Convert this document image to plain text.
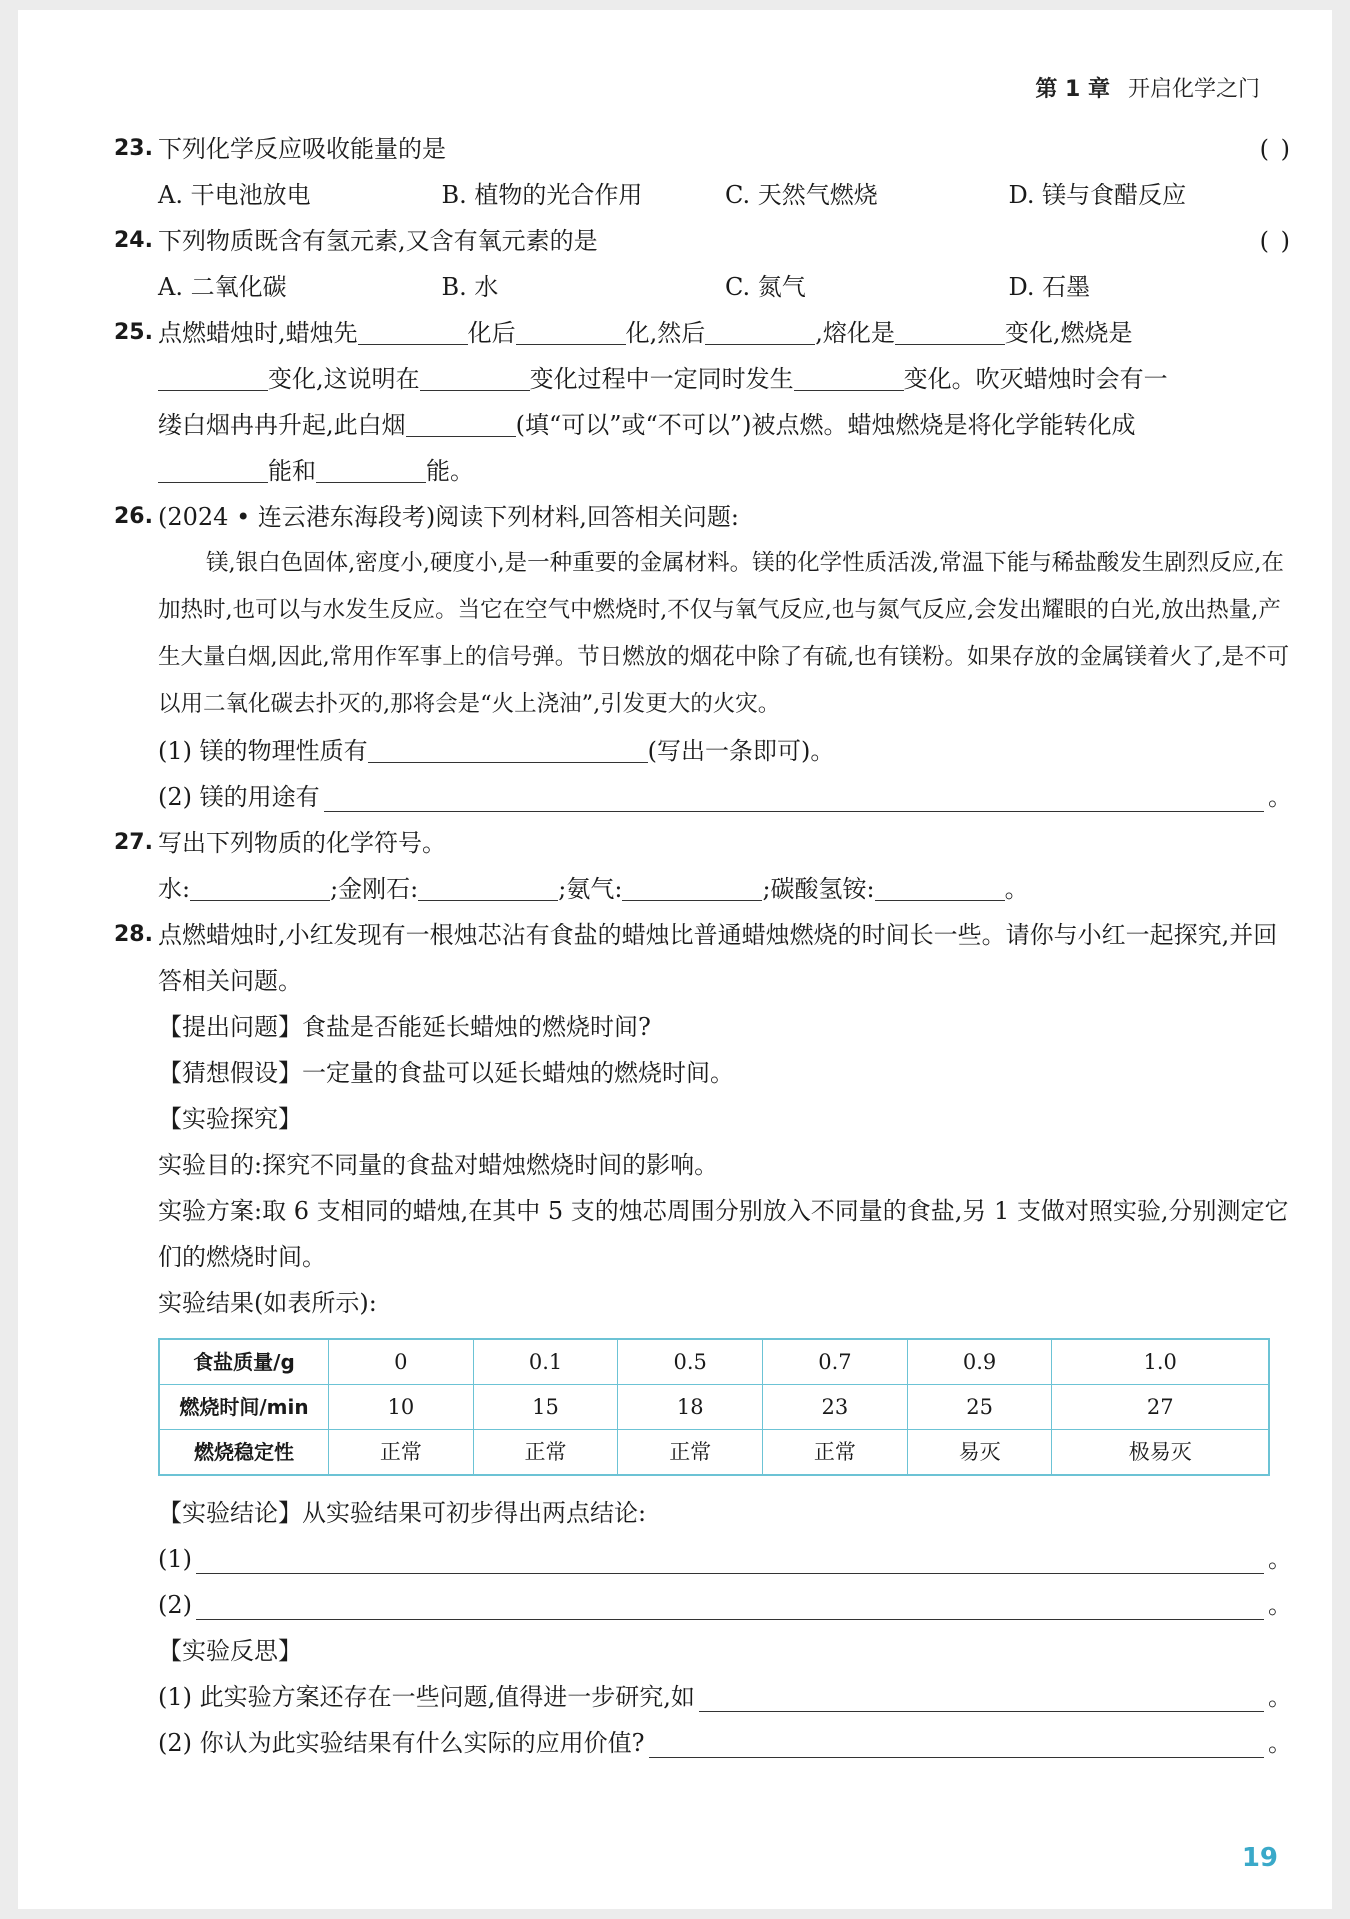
第 1 章 开启化学之门
23. 下列化学反应吸收能量的是	( )
A. 干电池放电	B. 植物的光合作用	C. 天然气燃烧	D. 镁与食醋反应
24. 下列物质既含有氢元素,又含有氧元素的是	( )
A. 二氧化碳	B. 水	C. 氮气	D. 石墨
25. 点燃蜡烛时,蜡烛先	化后	化,然后	,熔化是	变化,燃烧是
变化,这说明在	变化过程中一定同时发生	变化。吹灭蜡烛时会有一
缕白烟冉冉升起,此白烟	(填“可以”或“不可以”)被点燃。蜡烛燃烧是将化学能转化成
能和	能。
26. (2024 • 连云港东海段考)阅读下列材料,回答相关问题:

镁,银白色固体,密度小,硬度小,是一种重要的金属材料。镁的化学性质活泼,常温下能与稀盐酸发生剧烈反应,在加热时,也可以与水发生反应。当它在空气中燃烧时,不仅与氧气反应,也与氮气反应,会发出耀眼的白光,放出热量,产生大量白烟,因此,常用作军事上的信号弹。节日燃放的烟花中除了有硫,也有镁粉。如果存放的金属镁着火了,是不可以用二氧化碳去扑灭的,那将会是“火上浇油”,引发更大的火灾。

(1) 镁的物理性质有	(写出一条即可)。
(2) 镁的用途有	。
27. 写出下列物质的化学符号。
水:	;金刚石:	;氨气:	;碳酸氢铵:	。
28. 点燃蜡烛时,小红发现有一根烛芯沾有食盐的蜡烛比普通蜡烛燃烧的时间长一些。请你与小红一起探究,并回答相关问题。
【提出问题】食盐是否能延长蜡烛的燃烧时间?
【猜想假设】一定量的食盐可以延长蜡烛的燃烧时间。
【实验探究】
实验目的:探究不同量的食盐对蜡烛燃烧时间的影响。
实验方案:取 6 支相同的蜡烛,在其中 5 支的烛芯周围分别放入不同量的食盐,另 1 支做对照实验,分别测定它们的燃烧时间。
实验结果(如表所示):
食盐质量/g	0	0.1	0.5	0.7	0.9	1.0
燃烧时间/min	10	15	18	23	25	27
燃烧稳定性	正常	正常	正常	正常	易灭	极易灭
【实验结论】从实验结果可初步得出两点结论:
(1)	。
(2)	。
【实验反思】
(1) 此实验方案还存在一些问题,值得进一步研究,如	。
(2) 你认为此实验结果有什么实际的应用价值?	。
19
